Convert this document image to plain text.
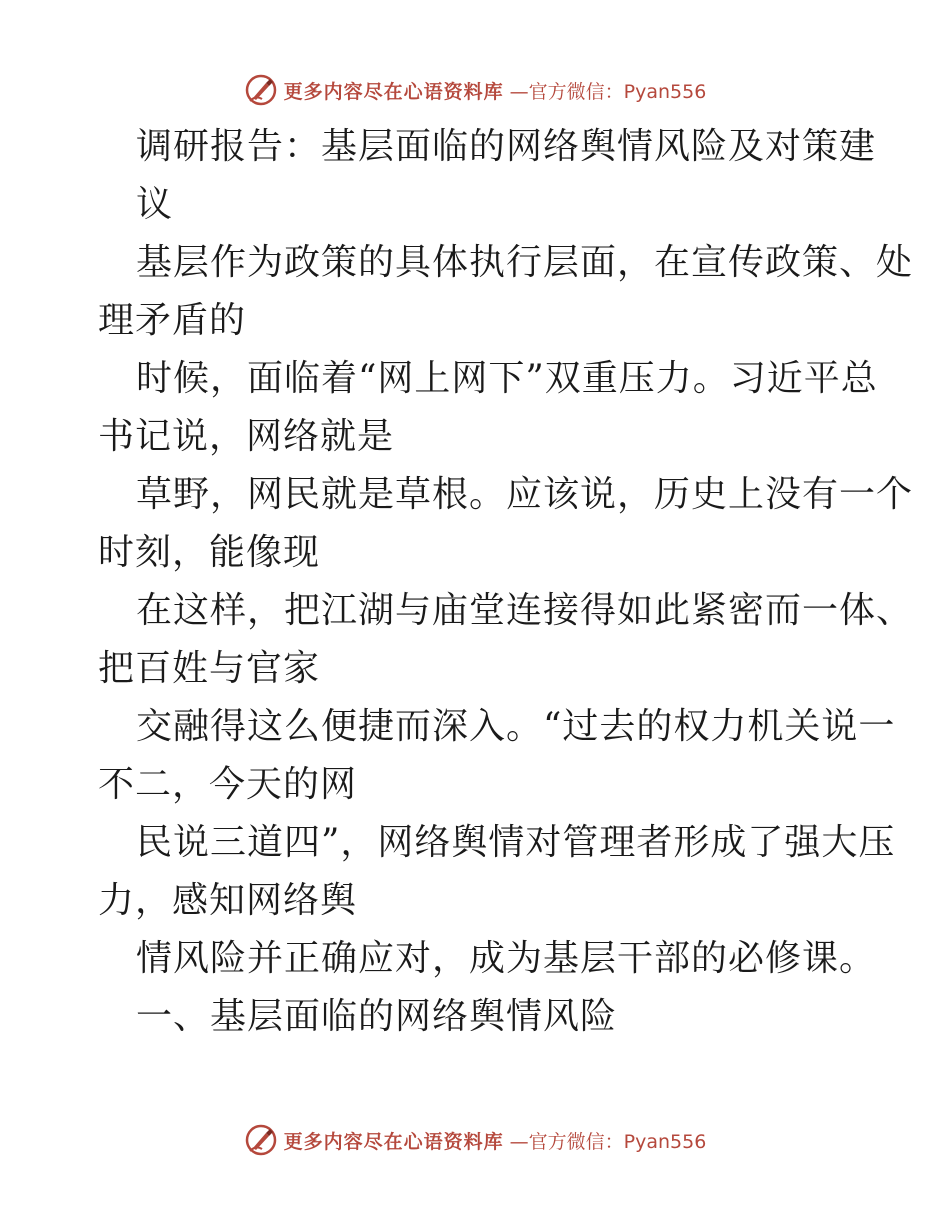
更多内容尽在心语资料库 —官方微信：Pyan556
调研报告：基层面临的网络舆情风险及对策建
议
基层作为政策的具体执行层面，在宣传政策、处
理矛盾的
时候，面临着“网上网下”双重压力。习近平总
书记说，网络就是
草野，网民就是草根。应该说，历史上没有一个
时刻，能像现
在这样，把江湖与庙堂连接得如此紧密而一体、
把百姓与官家
交融得这么便捷而深入。“过去的权力机关说一
不二，今天的网
民说三道四”，网络舆情对管理者形成了强大压
力，感知网络舆
情风险并正确应对，成为基层干部的必修课。
一、基层面临的网络舆情风险
更多内容尽在心语资料库 —官方微信：Pyan556
